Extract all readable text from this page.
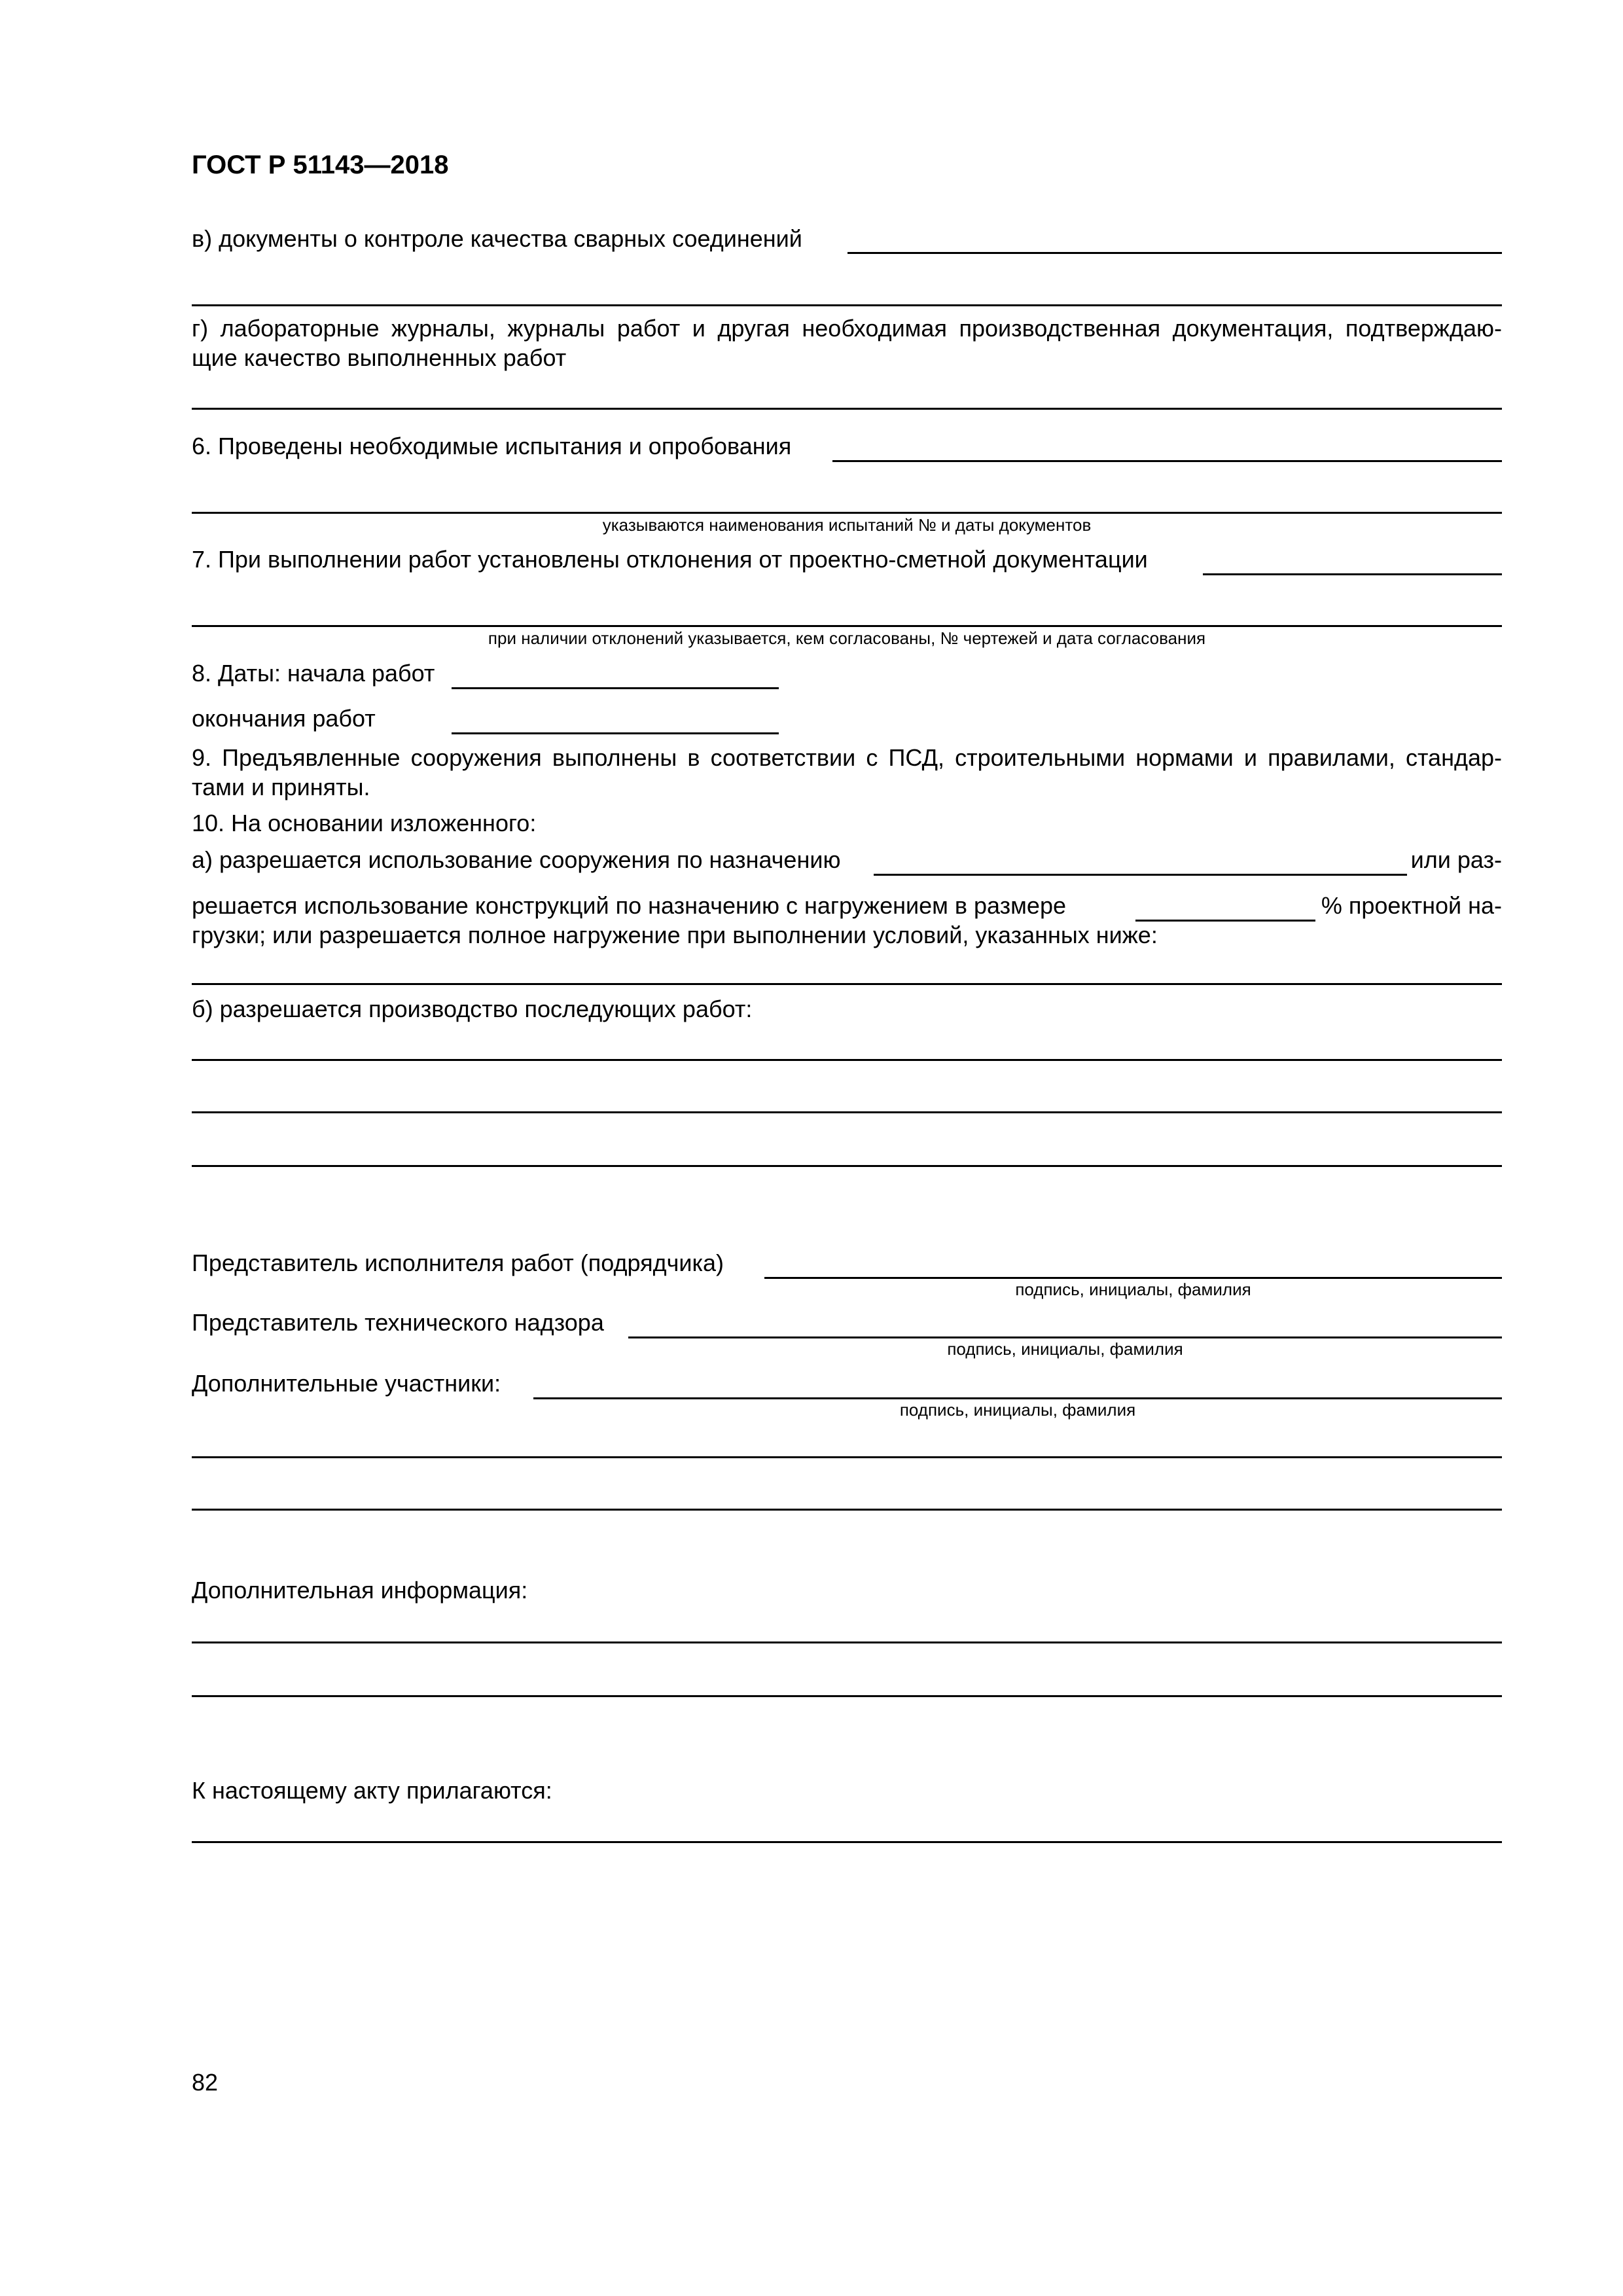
ГОСТ Р 51143—2018
в) документы о контроле качества сварных соединений
г) лабораторные журналы, журналы работ и другая необходимая производственная документация, подтверждаю-
щие качество выполненных работ
6. Проведены необходимые испытания и опробования
указываются наименования испытаний № и даты документов
7. При выполнении работ установлены отклонения от проектно-сметной документации
при наличии отклонений указывается, кем согласованы, № чертежей и дата согласования
8. Даты: начала работ
окончания работ
9. Предъявленные сооружения выполнены в соответствии с ПСД, строительными нормами и правилами, стандар-
тами и приняты.
10. На основании изложенного:
а) разрешается использование сооружения по назначению	или раз-
решается использование конструкций по назначению с нагружением в размере	% проектной на-
грузки; или разрешается полное нагружение при выполнении условий, указанных ниже:
б) разрешается производство последующих работ:
Представитель исполнителя работ (подрядчика)
подпись, инициалы, фамилия
Представитель технического надзора
подпись, инициалы, фамилия
Дополнительные участники:
подпись, инициалы, фамилия
Дополнительная информация:
К настоящему акту прилагаются:
82
